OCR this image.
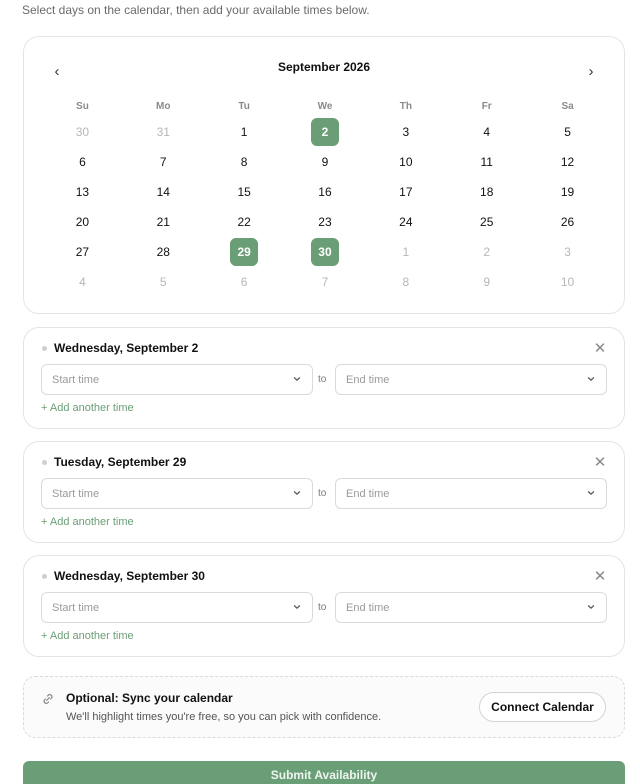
Select days on the calendar, then add your available times below.
‹	September 2026	›
Su	Mo	Tu	We	Th	Fr	Sa
30	31	1	2	3	4	5
6	7	8	9	10	11	12
13	14	15	16	17	18	19
20	21	22	23	24	25	26
27	28	29	30	1	2	3
4	5	6	7	8	9	10
Wednesday, September 2	✕
Start time	to End time
+ Add another time
Tuesday, September 29	✕
Start time	to End time
+ Add another time
Wednesday, September 30	✕
Start time	to End time
+ Add another time
Optional: Sync your calendar
We'll highlight times you're free, so you can pick with confidence.
Connect Calendar
Submit Availability
